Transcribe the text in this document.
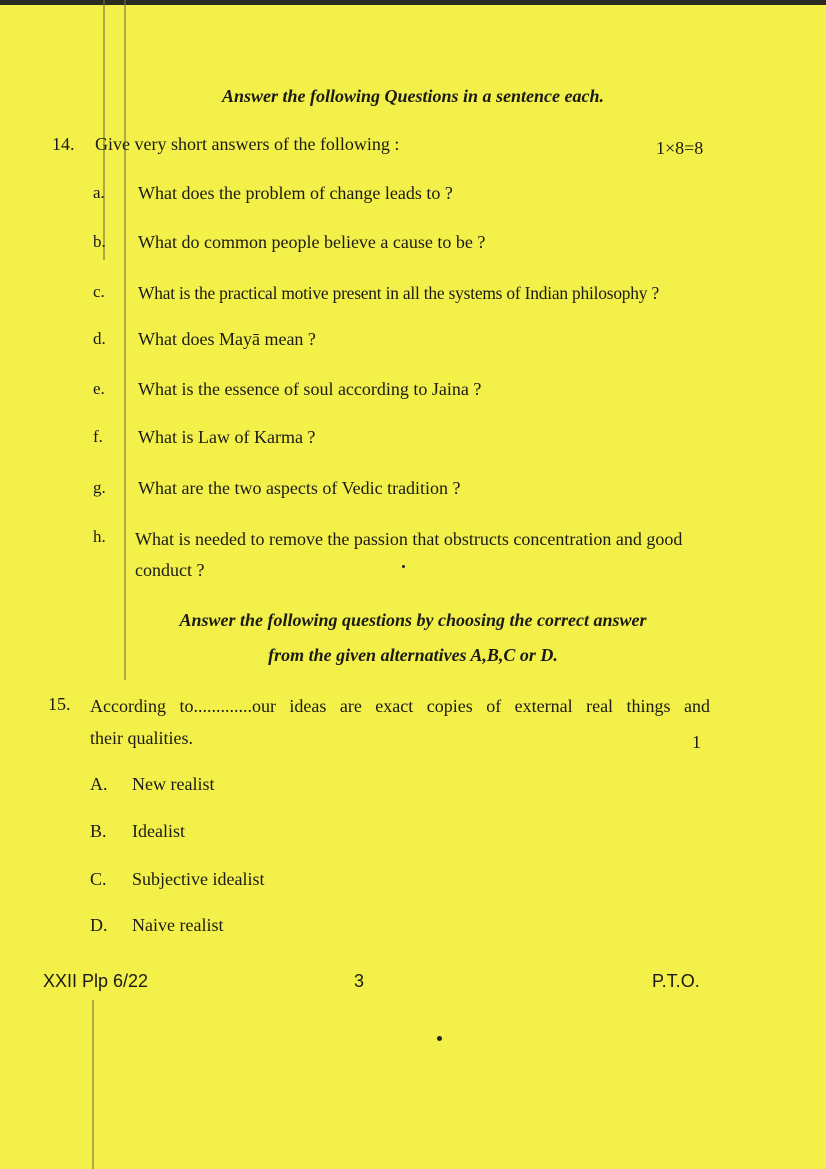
Answer the following Questions in a sentence each.
14. Give very short answers of the following :	1×8=8
a. What does the problem of change leads to ?
b. What do common people believe a cause to be ?
c. What is the practical motive present in all the systems of Indian philosophy ?
d. What does Mayā mean ?
e. What is the essence of soul according to Jaina ?
f. What is Law of Karma ?
g. What are the two aspects of Vedic tradition ?
h. What is needed to remove the passion that obstructs concentration and good conduct ?
Answer the following questions by choosing the correct answer
from the given alternatives A,B,C or D.
15. According to.............our ideas are exact copies of external real things and
their qualities.	1
A. New realist
B. Idealist
C. Subjective idealist
D. Naive realist
XXII Plp 6/22	3	P.T.O.
